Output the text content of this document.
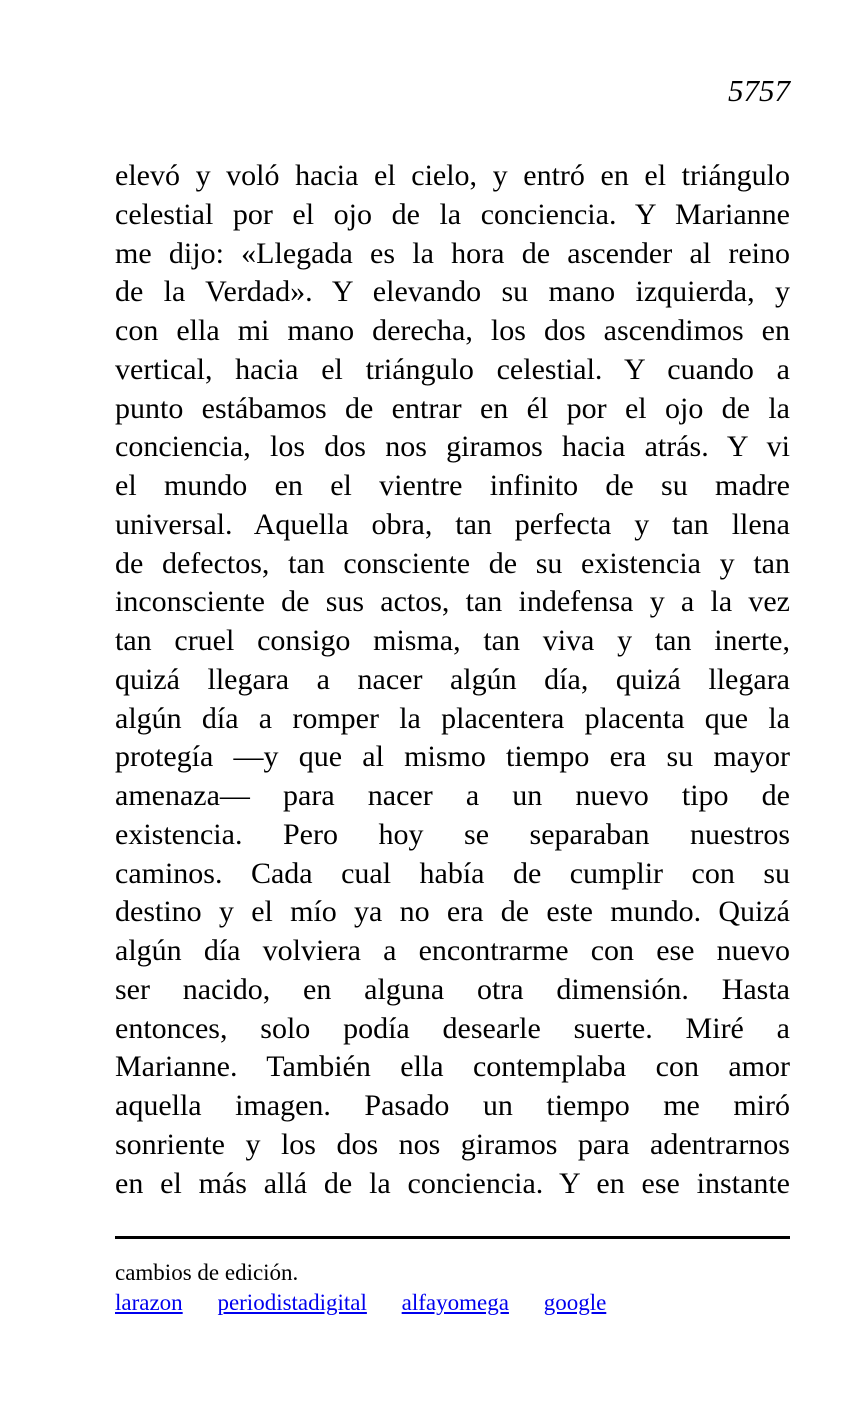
5757
elevó y voló hacia el cielo, y entró en el triángulo
celestial por el ojo de la conciencia. Y Marianne
me dijo: «Llegada es la hora de ascender al reino
de la Verdad». Y elevando su mano izquierda, y
con ella mi mano derecha, los dos ascendimos en
vertical, hacia el triángulo celestial. Y cuando a
punto estábamos de entrar en él por el ojo de la
conciencia, los dos nos giramos hacia atrás. Y vi
el mundo en el vientre infinito de su madre
universal. Aquella obra, tan perfecta y tan llena
de defectos, tan consciente de su existencia y tan
inconsciente de sus actos, tan indefensa y a la vez
tan cruel consigo misma, tan viva y tan inerte,
quizá llegara a nacer algún día, quizá llegara
algún día a romper la placentera placenta que la
protegía —y que al mismo tiempo era su mayor
amenaza— para nacer a un nuevo tipo de
existencia. Pero hoy se separaban nuestros
caminos. Cada cual había de cumplir con su
destino y el mío ya no era de este mundo. Quizá
algún día volviera a encontrarme con ese nuevo
ser nacido, en alguna otra dimensión. Hasta
entonces, solo podía desearle suerte. Miré a
Marianne. También ella contemplaba con amor
aquella imagen. Pasado un tiempo me miró
sonriente y los dos nos giramos para adentrarnos
en el más allá de la conciencia. Y en ese instante
cambios de edición.
larazon periodistadigital alfayomega google
